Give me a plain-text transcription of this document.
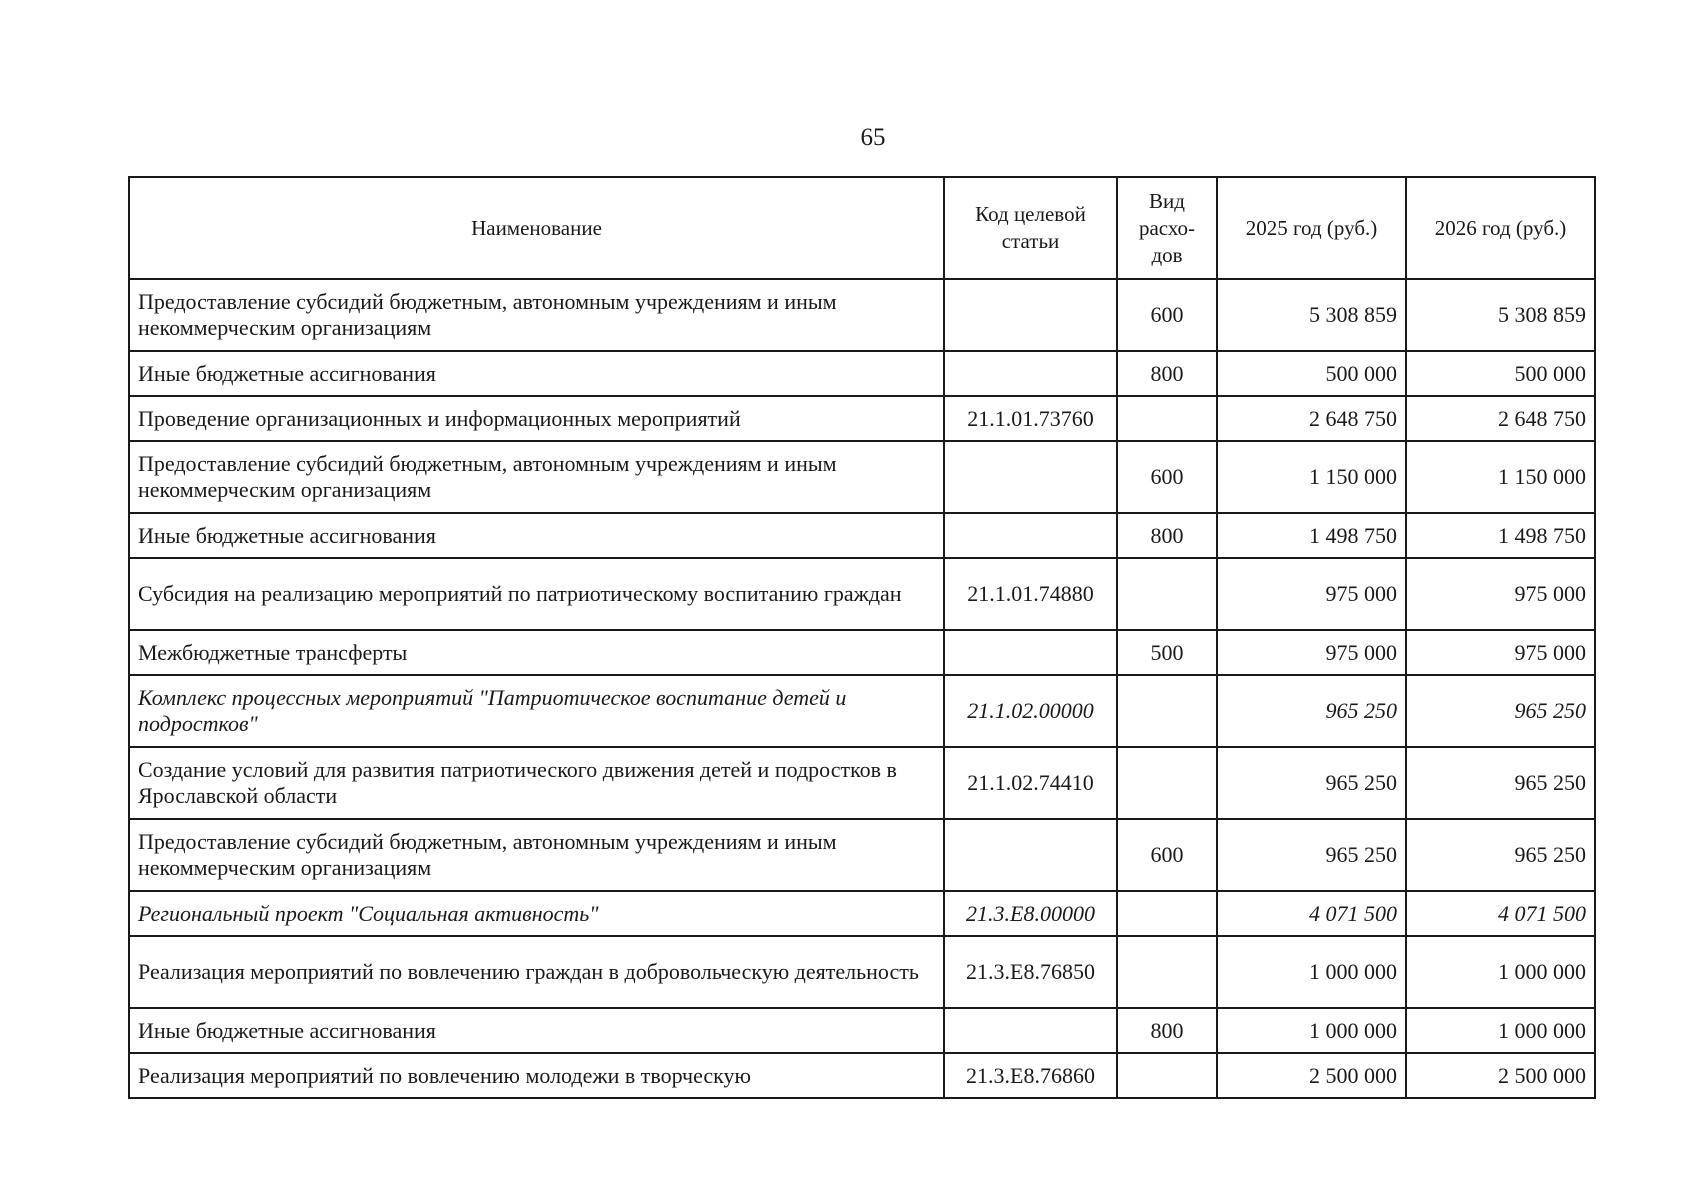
65
Наименование	Код целевой статьи	Вид расхо-дов	2025 год (руб.)	2026 год (руб.)
Предоставление субсидий бюджетным, автономным учреждениям и иным некоммерческим организациям		600	5 308 859	5 308 859
Иные бюджетные ассигнования		800	500 000	500 000
Проведение организационных и информационных мероприятий	21.1.01.73760		2 648 750	2 648 750
Предоставление субсидий бюджетным, автономным учреждениям и иным некоммерческим организациям		600	1 150 000	1 150 000
Иные бюджетные ассигнования		800	1 498 750	1 498 750
Субсидия на реализацию мероприятий по патриотическому воспитанию граждан	21.1.01.74880		975 000	975 000
Межбюджетные трансферты		500	975 000	975 000
Комплекс процессных мероприятий "Патриотическое воспитание детей и подростков"	21.1.02.00000		965 250	965 250
Создание условий для развития патриотического движения детей и подростков в Ярославской области	21.1.02.74410		965 250	965 250
Предоставление субсидий бюджетным, автономным учреждениям и иным некоммерческим организациям		600	965 250	965 250
Региональный проект "Социальная активность"	21.3.E8.00000		4 071 500	4 071 500
Реализация мероприятий по вовлечению граждан в добровольческую деятельность	21.3.E8.76850		1 000 000	1 000 000
Иные бюджетные ассигнования		800	1 000 000	1 000 000
Реализация мероприятий по вовлечению молодежи в творческую	21.3.E8.76860		2 500 000	2 500 000
